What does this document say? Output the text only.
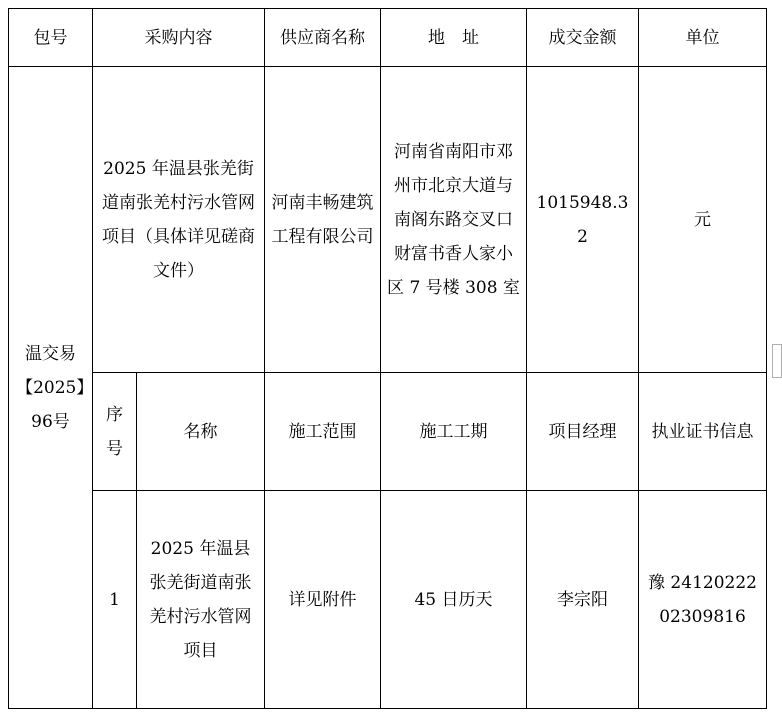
包号	采购内容		供应商名称	地　址	成交金额	单位
温交易【2025】96号	2025 年温县张羌街道南张羌村污水管网项目（具体详见磋商文件）		河南丰畅建筑工程有限公司	河南省南阳市邓州市北京大道与南阁东路交叉口财富书香人家小区 7 号楼 308 室	1015948.32	元
	序号	名称	施工范围	施工工期	项目经理	执业证书信息
	1	2025 年温县张羌街道南张羌村污水管网项目	详见附件	45 日历天	李宗阳	豫 2412022202309816
